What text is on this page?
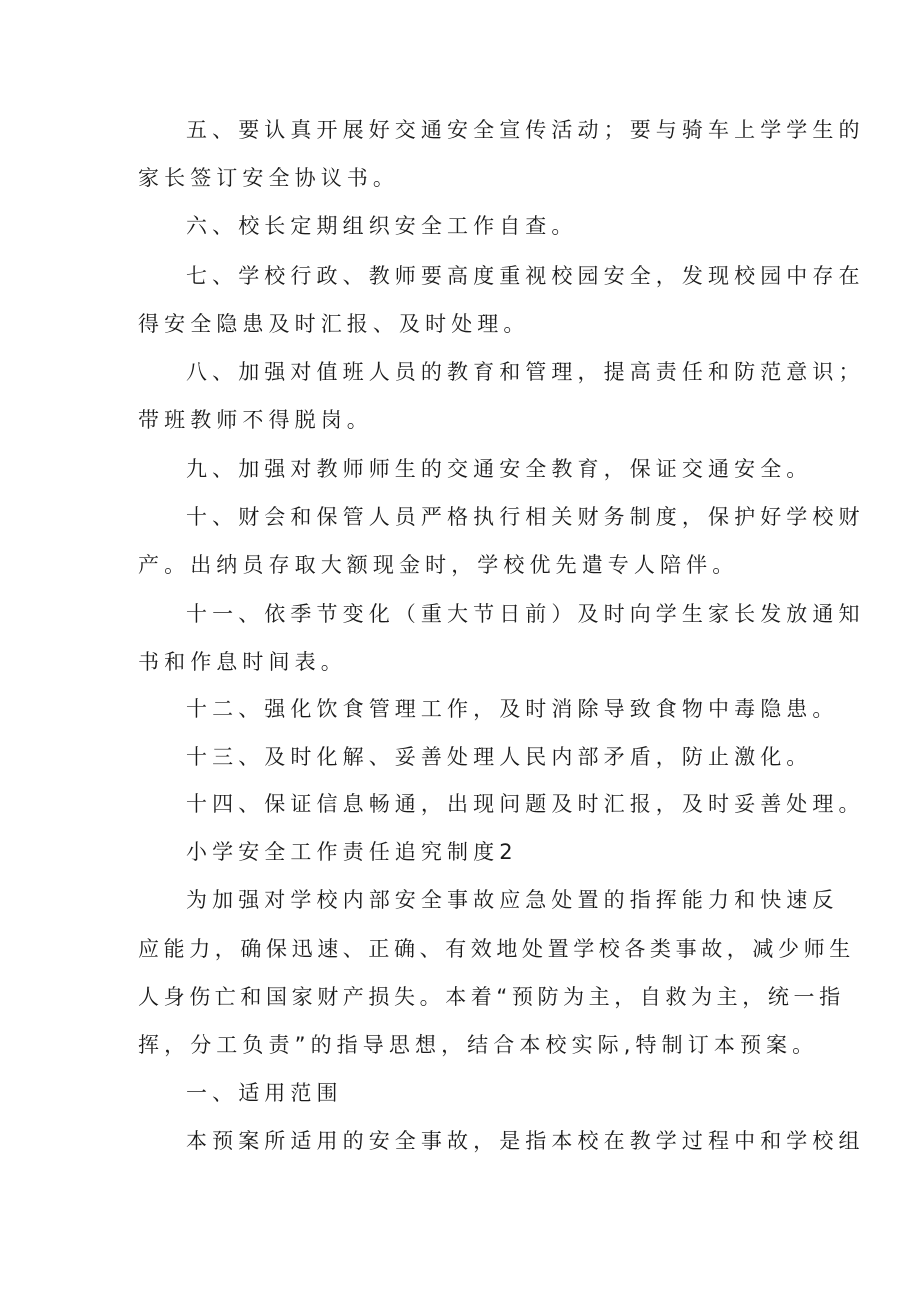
五、要认真开展好交通安全宣传活动；要与骑车上学学生的

家长签订安全协议书。

六、校长定期组织安全工作自查。

七、学校行政、教师要高度重视校园安全，发现校园中存在

得安全隐患及时汇报、及时处理。

八、加强对值班人员的教育和管理，提高责任和防范意识；

带班教师不得脱岗。

九、加强对教师师生的交通安全教育，保证交通安全。

十、财会和保管人员严格执行相关财务制度，保护好学校财

产。出纳员存取大额现金时，学校优先遣专人陪伴。

十一、依季节变化（重大节日前）及时向学生家长发放通知

书和作息时间表。

十二、强化饮食管理工作，及时消除导致食物中毒隐患。

十三、及时化解、妥善处理人民内部矛盾，防止激化。

十四、保证信息畅通，出现问题及时汇报，及时妥善处理。

小学安全工作责任追究制度2

为加强对学校内部安全事故应急处置的指挥能力和快速反

应能力，确保迅速、正确、有效地处置学校各类事故，减少师生

人身伤亡和国家财产损失。本着“预防为主，自救为主，统一指

挥，分工负责”的指导思想，结合本校实际,特制订本预案。

一、适用范围

本预案所适用的安全事故，是指本校在教学过程中和学校组
